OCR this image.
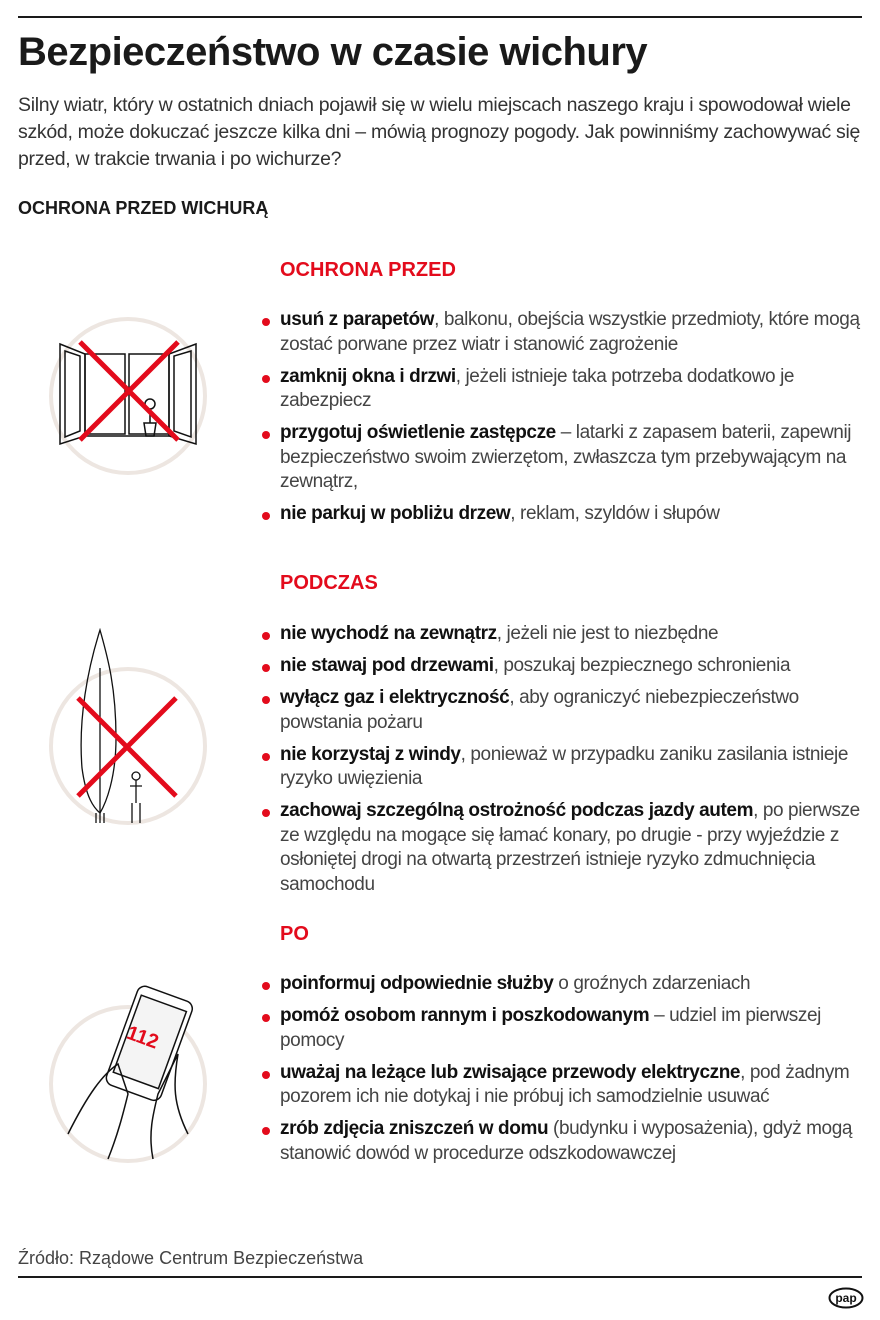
Bezpieczeństwo w czasie wichury

Silny wiatr, który w ostatnich dniach pojawił się w wielu miejscach naszego kraju i spowodował wiele szkód, może dokuczać jeszcze kilka dni – mówią prognozy pogody. Jak powinniśmy zachowywać się przed, w trakcie trwania i po wichurze?

OCHRONA PRZED WICHURĄ
OCHRONA PRZED
usuń z parapetów, balkonu, obejścia wszystkie przedmioty, które mogą zostać porwane przez wiatr i stanowić zagrożenie
zamknij okna i drzwi, jeżeli istnieje taka potrzeba dodatkowo je zabezpiecz
przygotuj oświetlenie zastępcze – latarki z zapasem baterii, zapewnij bezpieczeństwo swoim zwierzętom, zwłaszcza tym przebywającym na zewnątrz,
nie parkuj w pobliżu drzew, reklam, szyldów i słupów
PODCZAS
nie wychodź na zewnątrz, jeżeli nie jest to niezbędne
nie stawaj pod drzewami, poszukaj bezpiecznego schronienia
wyłącz gaz i elektryczność, aby ograniczyć niebezpieczeństwo powstania pożaru
nie korzystaj z windy, ponieważ w przypadku zaniku zasilania istnieje ryzyko uwięzienia
zachowaj szczególną ostrożność podczas jazdy autem, po pierwsze ze względu na mogące się łamać konary, po drugie - przy wyjeździe z osłoniętej drogi na otwartą przestrzeń istnieje ryzyko zdmuchnięcia samochodu
PO
poinformuj odpowiednie służby o groźnych zdarzeniach
pomóż osobom rannym i poszkodowanym – udziel im pierwszej pomocy
uważaj na leżące lub zwisające przewody elektryczne, pod żadnym pozorem ich nie dotykaj i nie próbuj ich samodzielnie usuwać
zrób zdjęcia zniszczeń w domu (budynku i wyposażenia), gdyż mogą stanowić dowód w procedurze odszkodowawczej
112
Źródło: Rządowe Centrum Bezpieczeństwa
pap
